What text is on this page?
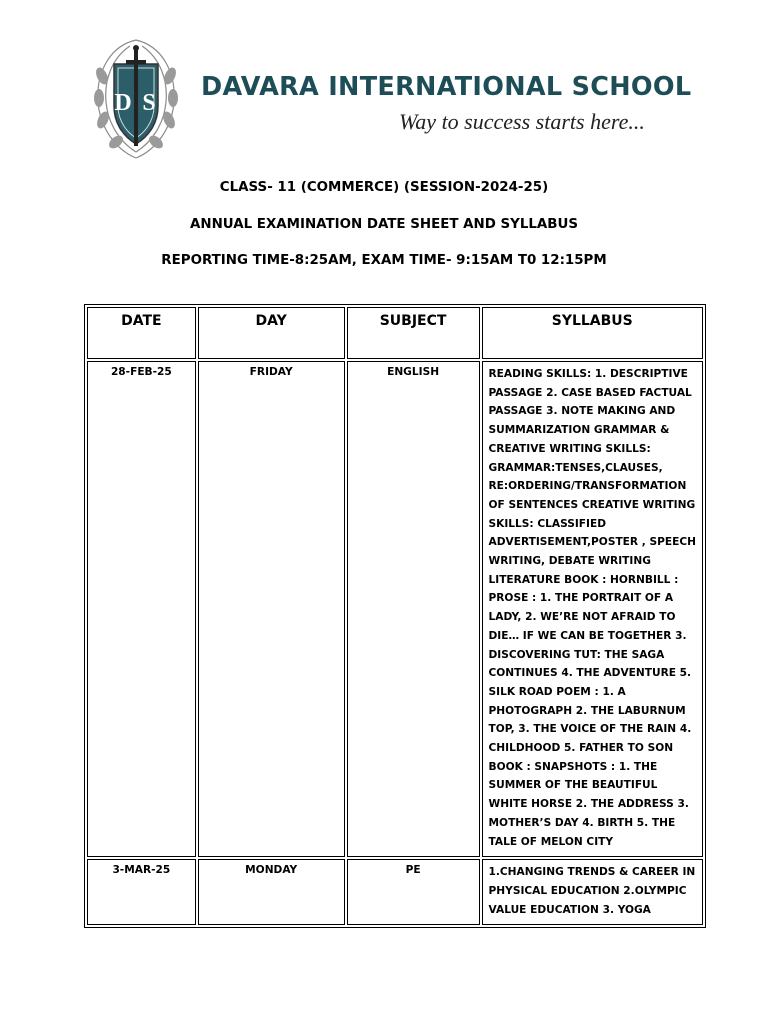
D S
DAVARA INTERNATIONAL SCHOOL
Way to success starts here...
CLASS- 11 (COMMERCE) (SESSION-2024-25)
ANNUAL EXAMINATION DATE SHEET AND SYLLABUS
REPORTING TIME-8:25AM, EXAM TIME- 9:15AM T0 12:15PM
DATE	DAY	SUBJECT	SYLLABUS
28-FEB-25	FRIDAY	ENGLISH	READING SKILLS: 1. DESCRIPTIVE PASSAGE 2. CASE BASED FACTUAL PASSAGE 3. NOTE MAKING AND SUMMARIZATION GRAMMAR & CREATIVE WRITING SKILLS: GRAMMAR:TENSES,CLAUSES, RE:ORDERING/TRANSFORMATION OF SENTENCES CREATIVE WRITING SKILLS: CLASSIFIED ADVERTISEMENT,POSTER , SPEECH WRITING, DEBATE WRITING LITERATURE BOOK : HORNBILL : PROSE : 1. THE PORTRAIT OF A LADY, 2. WE’RE NOT AFRAID TO DIE… IF WE CAN BE TOGETHER 3. DISCOVERING TUT: THE SAGA CONTINUES 4. THE ADVENTURE 5. SILK ROAD POEM : 1. A PHOTOGRAPH 2. THE LABURNUM TOP, 3. THE VOICE OF THE RAIN 4. CHILDHOOD 5. FATHER TO SON BOOK : SNAPSHOTS : 1. THE SUMMER OF THE BEAUTIFUL WHITE HORSE 2. THE ADDRESS 3. MOTHER’S DAY 4. BIRTH 5. THE TALE OF MELON CITY
3-MAR-25	MONDAY	PE	1.CHANGING TRENDS & CAREER IN PHYSICAL EDUCATION 2.OLYMPIC VALUE EDUCATION 3. YOGA
